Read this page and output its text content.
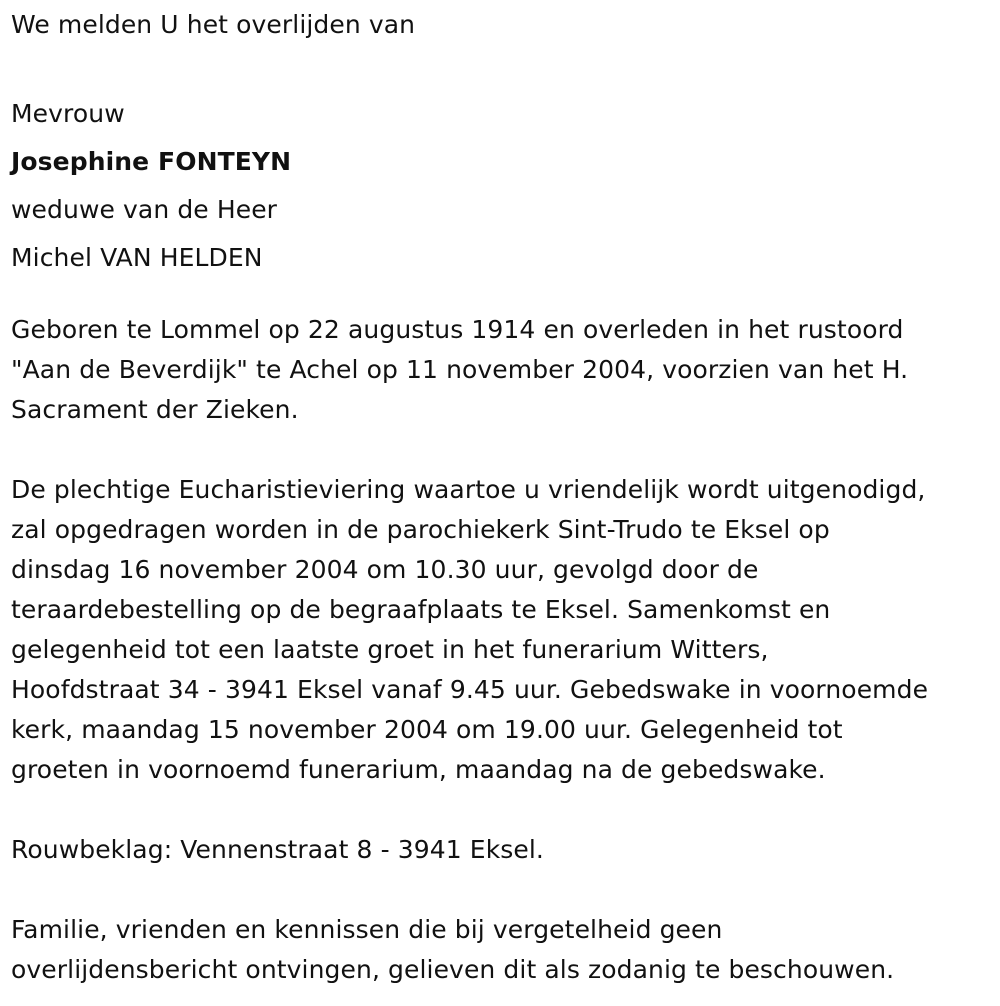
We melden U het overlijden van

Mevrouw

Josephine FONTEYN

weduwe van de Heer

Michel VAN HELDEN

Geboren te Lommel op 22 augustus 1914 en overleden in het rustoord

"Aan de Beverdijk" te Achel op 11 november 2004, voorzien van het H.

Sacrament der Zieken.

De plechtige Eucharistieviering waartoe u vriendelijk wordt uitgenodigd,

zal opgedragen worden in de parochiekerk Sint-Trudo te Eksel op

dinsdag 16 november 2004 om 10.30 uur, gevolgd door de

teraardebestelling op de begraafplaats te Eksel. Samenkomst en

gelegenheid tot een laatste groet in het funerarium Witters,

Hoofdstraat 34 - 3941 Eksel vanaf 9.45 uur. Gebedswake in voornoemde

kerk, maandag 15 november 2004 om 19.00 uur. Gelegenheid tot

groeten in voornoemd funerarium, maandag na de gebedswake.

Rouwbeklag: Vennenstraat 8 - 3941 Eksel.

Familie, vrienden en kennissen die bij vergetelheid geen

overlijdensbericht ontvingen, gelieven dit als zodanig te beschouwen.
